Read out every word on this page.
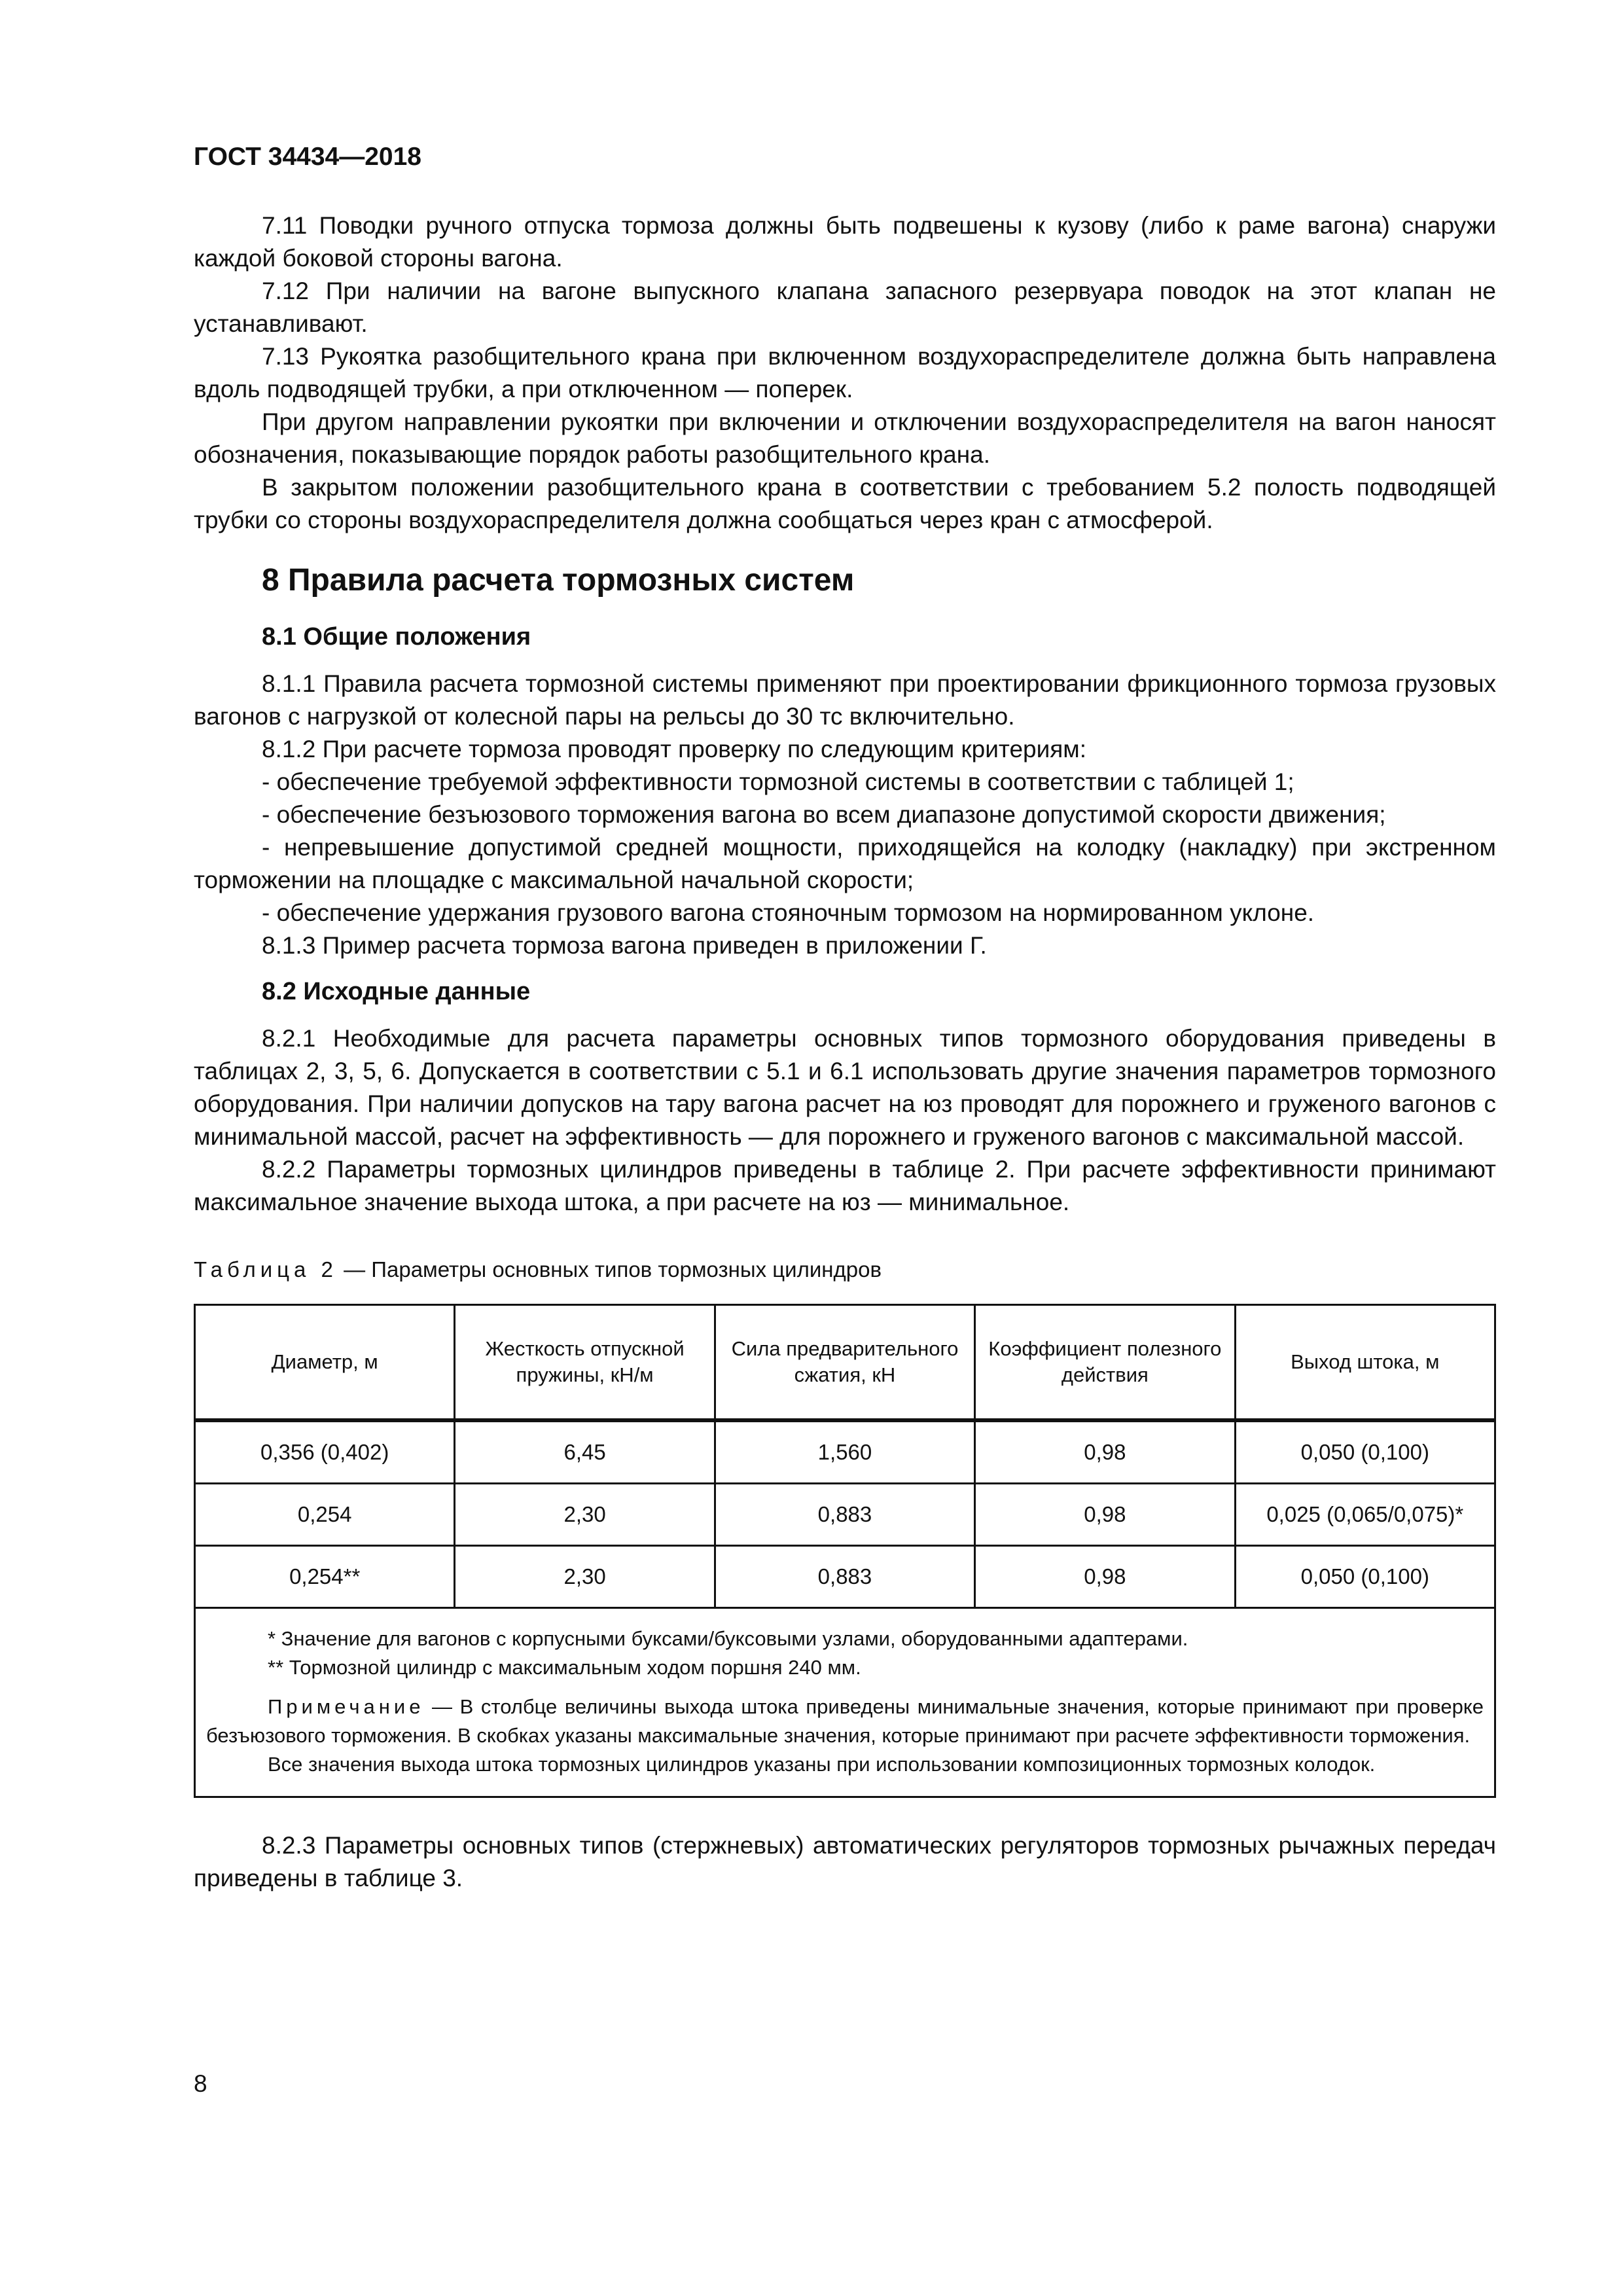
ГОСТ 34434—2018

7.11 Поводки ручного отпуска тормоза должны быть подвешены к кузову (либо к раме вагона) снаружи каждой боковой стороны вагона.

7.12 При наличии на вагоне выпускного клапана запасного резервуара поводок на этот клапан не устанавливают.

7.13 Рукоятка разобщительного крана при включенном воздухораспределителе должна быть направлена вдоль подводящей трубки, а при отключенном — поперек.

При другом направлении рукоятки при включении и отключении воздухораспределителя на вагон наносят обозначения, показывающие порядок работы разобщительного крана.

В закрытом положении разобщительного крана в соответствии с требованием 5.2 полость подводящей трубки со стороны воздухораспределителя должна сообщаться через кран с атмосферой.

8 Правила расчета тормозных систем
8.1 Общие положения

8.1.1 Правила расчета тормозной системы применяют при проектировании фрикционного тормоза грузовых вагонов с нагрузкой от колесной пары на рельсы до 30 тс включительно.

8.1.2 При расчете тормоза проводят проверку по следующим критериям:

- обеспечение требуемой эффективности тормозной системы в соответствии с таблицей 1;

- обеспечение безъюзового торможения вагона во всем диапазоне допустимой скорости движения;

- непревышение допустимой средней мощности, приходящейся на колодку (накладку) при экстренном торможении на площадке с максимальной начальной скорости;

- обеспечение удержания грузового вагона стояночным тормозом на нормированном уклоне.

8.1.3 Пример расчета тормоза вагона приведен в приложении Г.

8.2 Исходные данные

8.2.1 Необходимые для расчета параметры основных типов тормозного оборудования приведены в таблицах 2, 3, 5, 6. Допускается в соответствии с 5.1 и 6.1 использовать другие значения параметров тормозного оборудования. При наличии допусков на тару вагона расчет на юз проводят для порожнего и груженого вагонов с минимальной массой, расчет на эффективность — для порожнего и груженого вагонов с максимальной массой.

8.2.2 Параметры тормозных цилиндров приведены в таблице 2. При расчете эффективности принимают максимальное значение выхода штока, а при расчете на юз — минимальное.

Таблица 2 — Параметры основных типов тормозных цилиндров
Диаметр, м	Жесткость отпускной пружины, кН/м	Сила предварительного сжатия, кН	Коэффициент полезного действия	Выход штока, м
0,356 (0,402)	6,45	1,560	0,98	0,050 (0,100)
0,254	2,30	0,883	0,98	0,025 (0,065/0,075)*
0,254**	2,30	0,883	0,98	0,050 (0,100)

* Значение для вагонов с корпусными буксами/буксовыми узлами, оборудованными адаптерами.
** Тормозной цилиндр с максимальным ходом поршня 240 мм.
Примечание — В столбце величины выхода штока приведены минимальные значения, которые принимают при проверке безъюзового торможения. В скобках указаны максимальные значения, которые принимают при расчете эффективности торможения.
Все значения выхода штока тормозных цилиндров указаны при использовании композиционных тормозных колодок.				

8.2.3 Параметры основных типов (стержневых) автоматических регуляторов тормозных рычажных передач приведены в таблице 3.

8
